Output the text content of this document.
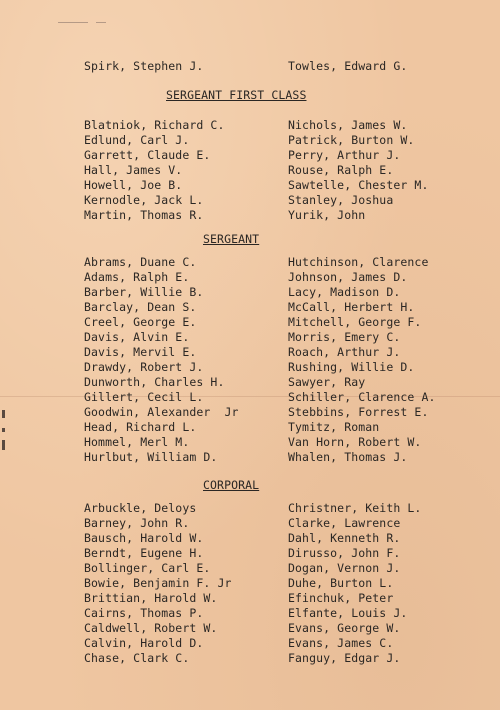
Spirk, Stephen J.	Towles, Edward G.
SERGEANT FIRST CLASS
Blatniok, Richard C.
Edlund, Carl J.
Garrett, Claude E.
Hall, James V.
Howell, Joe B.
Kernodle, Jack L.
Martin, Thomas R.
Nichols, James W.
Patrick, Burton W.
Perry, Arthur J.
Rouse, Ralph E.
Sawtelle, Chester M.
Stanley, Joshua
Yurik, John
SERGEANT
Abrams, Duane C.
Adams, Ralph E.
Barber, Willie B.
Barclay, Dean S.
Creel, George E.
Davis, Alvin E.
Davis, Mervil E.
Drawdy, Robert J.
Dunworth, Charles H.
Gillert, Cecil L.
Goodwin, Alexander  Jr
Head, Richard L.
Hommel, Merl M.
Hurlbut, William D.
Hutchinson, Clarence
Johnson, James D.
Lacy, Madison D.
McCall, Herbert H.
Mitchell, George F.
Morris, Emery C.
Roach, Arthur J.
Rushing, Willie D.
Sawyer, Ray
Schiller, Clarence A.
Stebbins, Forrest E.
Tymitz, Roman
Van Horn, Robert W.
Whalen, Thomas J.
CORPORAL
Arbuckle, Deloys
Barney, John R.
Bausch, Harold W.
Berndt, Eugene H.
Bollinger, Carl E.
Bowie, Benjamin F. Jr
Brittian, Harold W.
Cairns, Thomas P.
Caldwell, Robert W.
Calvin, Harold D.
Chase, Clark C.
Christner, Keith L.
Clarke, Lawrence
Dahl, Kenneth R.
Dirusso, John F.
Dogan, Vernon J.
Duhe, Burton L.
Efinchuk, Peter
Elfante, Louis J.
Evans, George W.
Evans, James C.
Fanguy, Edgar J.
